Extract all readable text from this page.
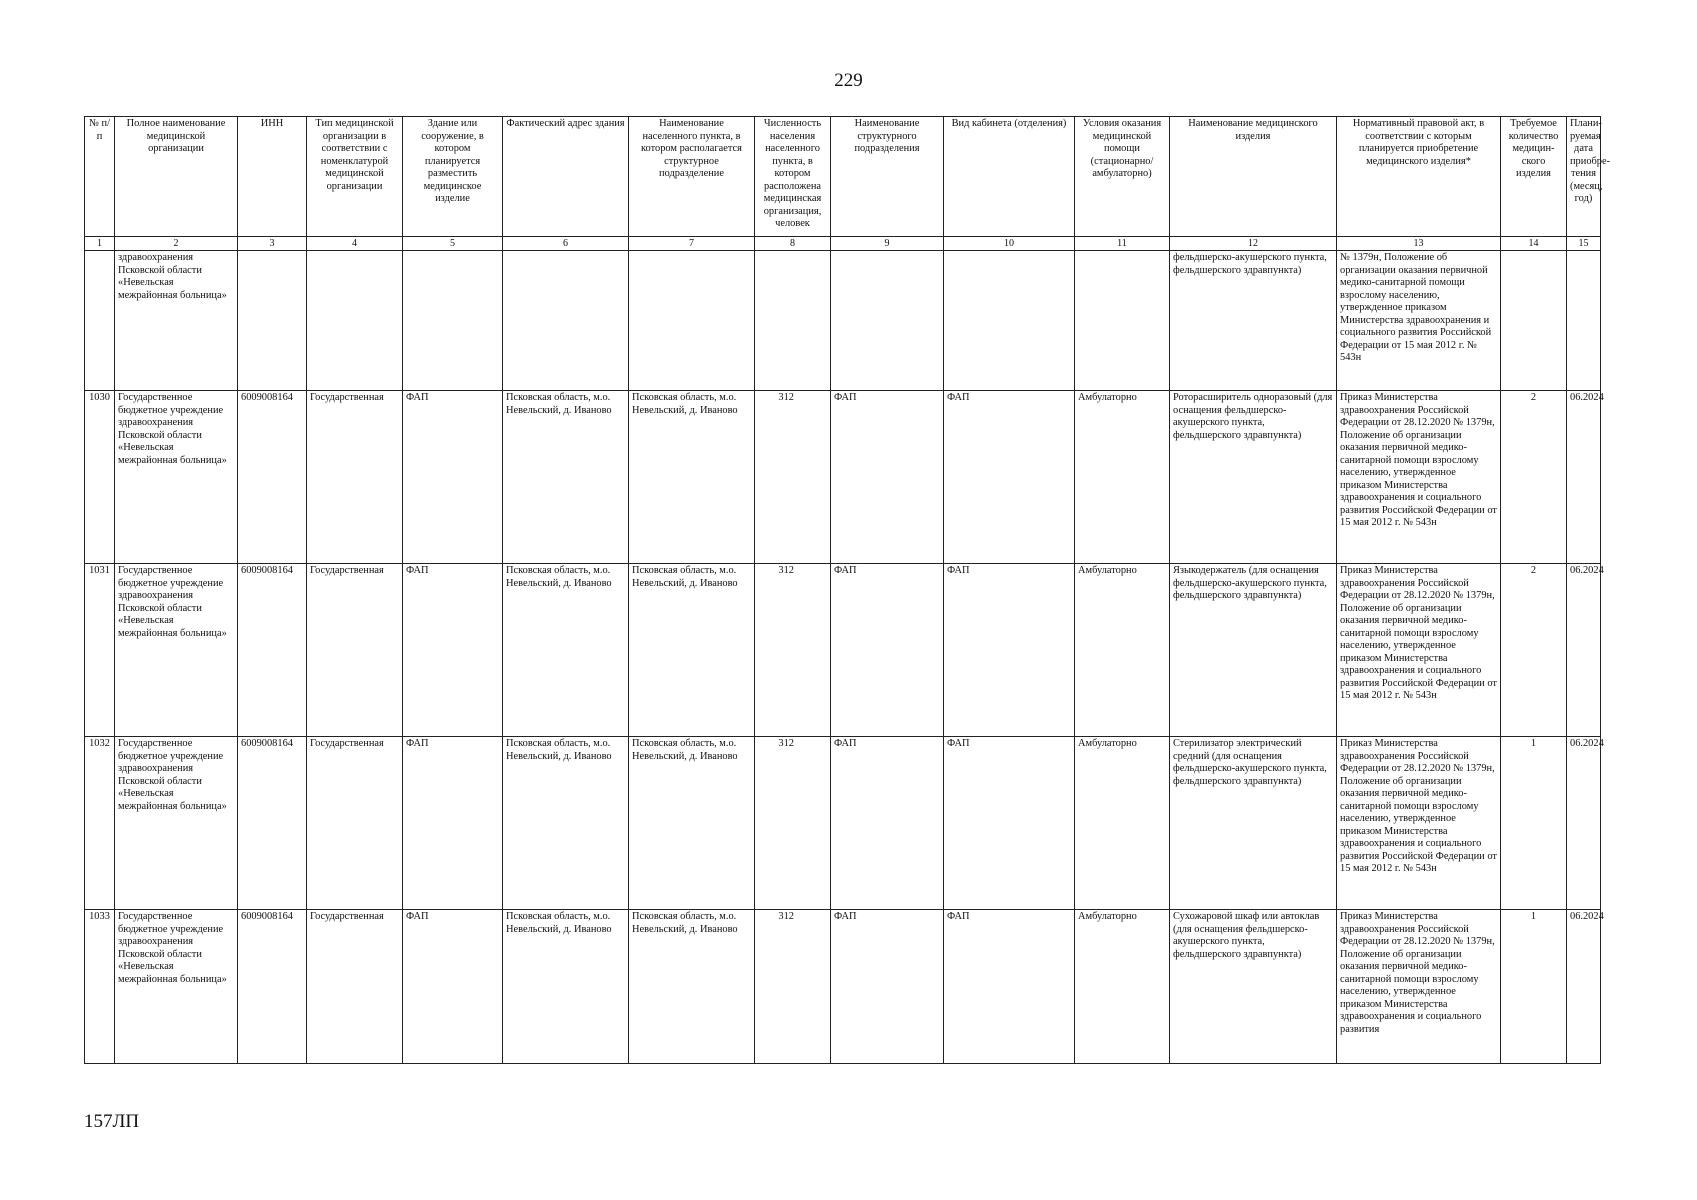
229
№ п/п	Полное наименование медицинской организации	ИНН	Тип медицинской организации в соответствии с номенклатурой медицинской организации	Здание или сооружение, в котором планируется разместить медицинское изделие	Фактический адрес здания	Наименование населенного пункта, в котором располагается структурное подразделение	Численность населения населенного пункта, в котором расположена медицинская организация, человек	Наименование структурного подразделения	Вид кабинета (отделения)	Условия оказания медицинской помощи (стационарно/ амбулаторно)	Наименование медицинского изделия	Нормативный правовой акт, в соответствии с которым планируется приобретение медицинского изделия*	Требуемое количество медицин-ского изделия	Плани-руемая дата приобре-тения (месяц, год)
1	2	3	4	5	6	7	8	9	10	11	12	13	14	15
	здравоохранения Псковской области «Невельская межрайонная больница»										фельдшерско-акушерского пункта, фельдшерского здравпункта)	№ 1379н, Положение об организации оказания первичной медико-санитарной помощи взрослому населению, утвержденное приказом Министерства здравоохранения и социального развития Российской Федерации от 15 мая 2012 г. № 543н		
1030	Государственное бюджетное учреждение здравоохранения Псковской области «Невельская межрайонная больница»	6009008164	Государственная	ФАП	Псковская область, м.о. Невельский, д. Иваново	Псковская область, м.о. Невельский, д. Иваново	312	ФАП	ФАП	Амбулаторно	Роторасширитель одноразовый (для оснащения фельдшерско-акушерского пункта, фельдшерского здравпункта)	Приказ Министерства здравоохранения Российской Федерации от 28.12.2020 № 1379н, Положение об организации оказания первичной медико-санитарной помощи взрослому населению, утвержденное приказом Министерства здравоохранения и социального развития Российской Федерации от 15 мая 2012 г. № 543н	2	06.2024
1031	Государственное бюджетное учреждение здравоохранения Псковской области «Невельская межрайонная больница»	6009008164	Государственная	ФАП	Псковская область, м.о. Невельский, д. Иваново	Псковская область, м.о. Невельский, д. Иваново	312	ФАП	ФАП	Амбулаторно	Языкодержатель (для оснащения фельдшерско-акушерского пункта, фельдшерского здравпункта)	Приказ Министерства здравоохранения Российской Федерации от 28.12.2020 № 1379н, Положение об организации оказания первичной медико-санитарной помощи взрослому населению, утвержденное приказом Министерства здравоохранения и социального развития Российской Федерации от 15 мая 2012 г. № 543н	2	06.2024
1032	Государственное бюджетное учреждение здравоохранения Псковской области «Невельская межрайонная больница»	6009008164	Государственная	ФАП	Псковская область, м.о. Невельский, д. Иваново	Псковская область, м.о. Невельский, д. Иваново	312	ФАП	ФАП	Амбулаторно	Стерилизатор электрический средний (для оснащения фельдшерско-акушерского пункта, фельдшерского здравпункта)	Приказ Министерства здравоохранения Российской Федерации от 28.12.2020 № 1379н, Положение об организации оказания первичной медико-санитарной помощи взрослому населению, утвержденное приказом Министерства здравоохранения и социального развития Российской Федерации от 15 мая 2012 г. № 543н	1	06.2024
1033	Государственное бюджетное учреждение здравоохранения Псковской области «Невельская межрайонная больница»	6009008164	Государственная	ФАП	Псковская область, м.о. Невельский, д. Иваново	Псковская область, м.о. Невельский, д. Иваново	312	ФАП	ФАП	Амбулаторно	Сухожаровой шкаф или автоклав (для оснащения фельдшерско-акушерского пункта, фельдшерского здравпункта)	Приказ Министерства здравоохранения Российской Федерации от 28.12.2020 № 1379н, Положение об организации оказания первичной медико-санитарной помощи взрослому населению, утвержденное приказом Министерства здравоохранения и социального развития	1	06.2024
157ЛП
